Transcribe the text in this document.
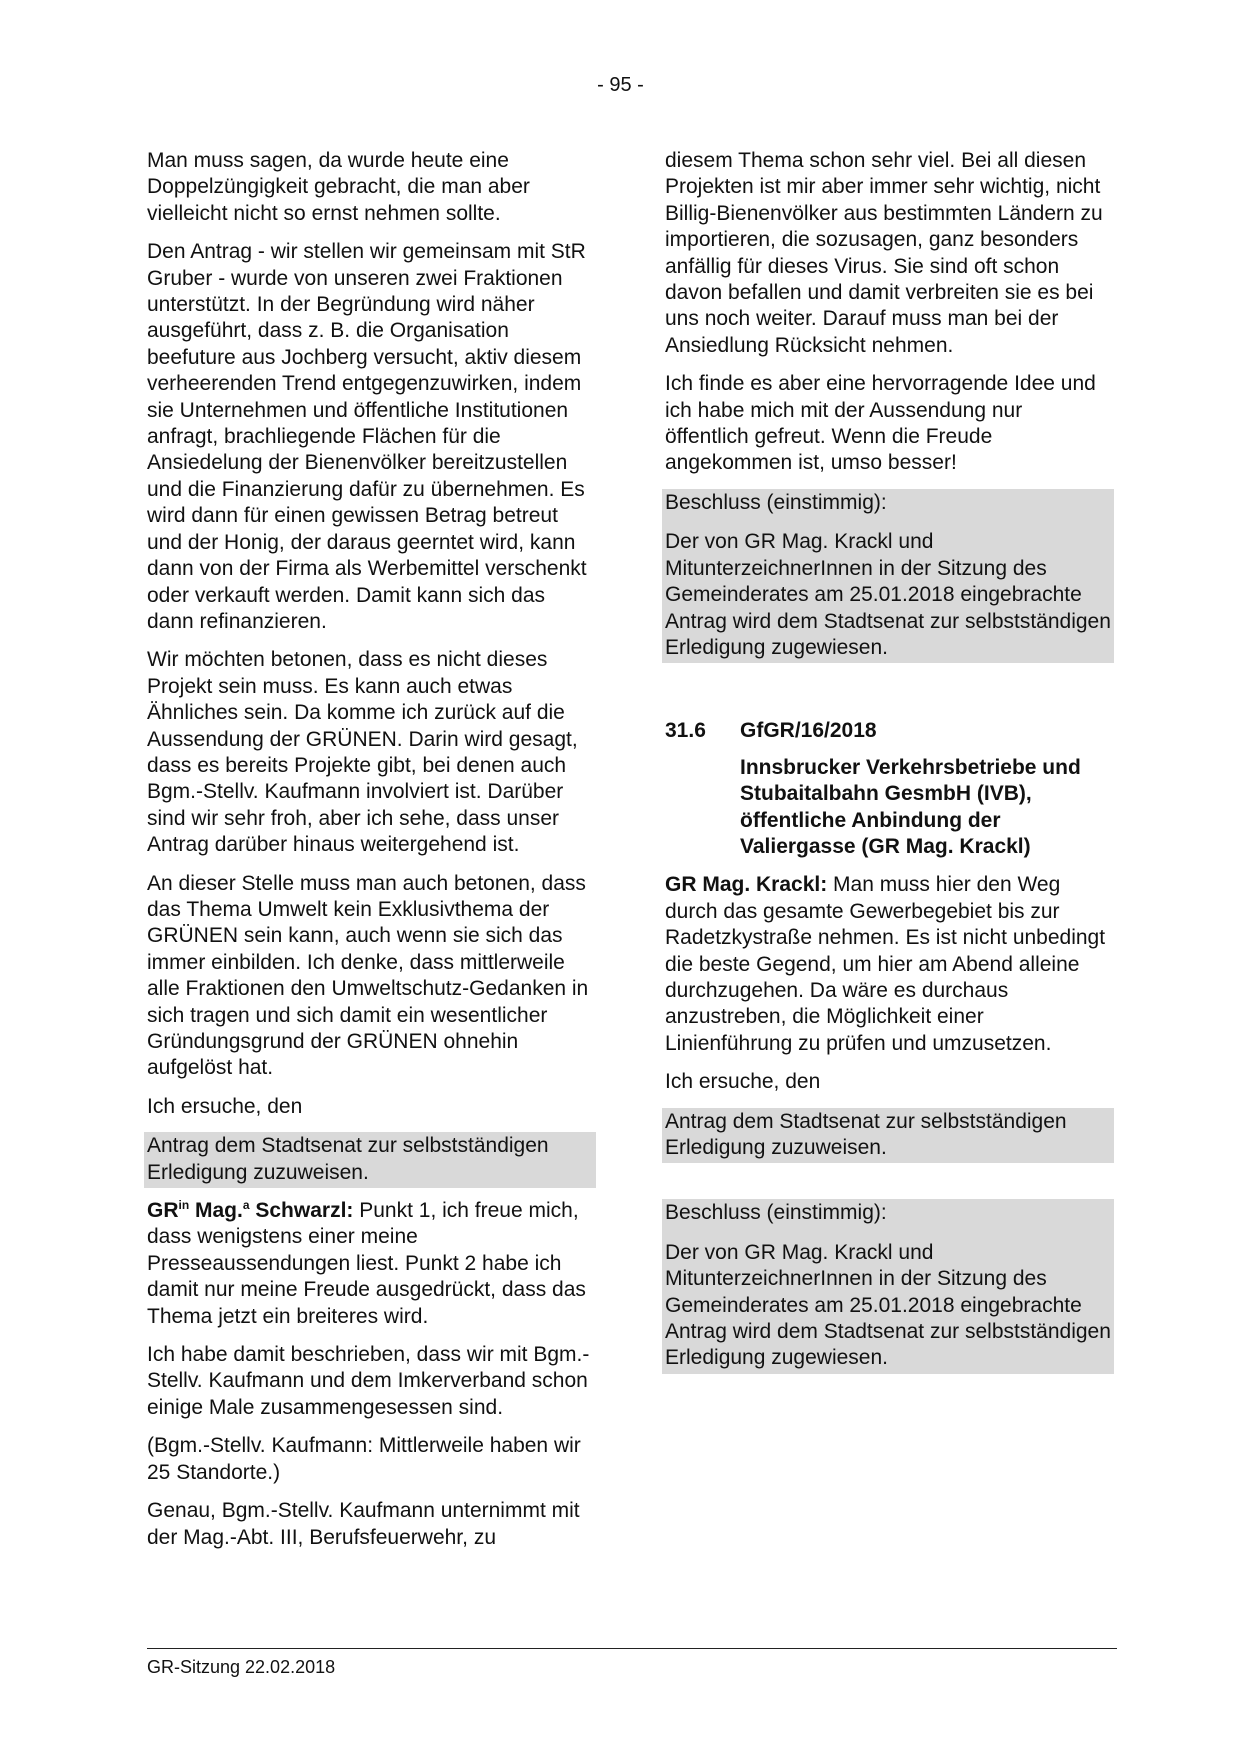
- 95 -

Man muss sagen, da wurde heute eine Doppelzüngigkeit gebracht, die man aber vielleicht nicht so ernst nehmen sollte.

Den Antrag - wir stellen wir gemeinsam mit StR Gruber - wurde von unseren zwei Fraktionen unterstützt. In der Begründung wird näher ausgeführt, dass z. B. die Organisation beefuture aus Jochberg versucht, aktiv diesem verheerenden Trend entgegenzuwirken, indem sie Unternehmen und öffentliche Institutionen anfragt, brachliegende Flächen für die Ansiedelung der Bienenvölker bereitzustellen und die Finanzierung dafür zu übernehmen. Es wird dann für einen gewissen Betrag betreut und der Honig, der daraus geerntet wird, kann dann von der Firma als Werbemittel verschenkt oder verkauft werden. Damit kann sich das dann refinanzieren.

Wir möchten betonen, dass es nicht dieses Projekt sein muss. Es kann auch etwas Ähnliches sein. Da komme ich zurück auf die Aussendung der GRÜNEN. Darin wird gesagt, dass es bereits Projekte gibt, bei denen auch Bgm.-Stellv. Kaufmann involviert ist. Darüber sind wir sehr froh, aber ich sehe, dass unser Antrag darüber hinaus weitergehend ist.

An dieser Stelle muss man auch betonen, dass das Thema Umwelt kein Exklusivthema der GRÜNEN sein kann, auch wenn sie sich das immer einbilden. Ich denke, dass mittlerweile alle Fraktionen den Umweltschutz-Gedanken in sich tragen und sich damit ein wesentlicher Gründungsgrund der GRÜNEN ohnehin aufgelöst hat.

Ich ersuche, den

Antrag dem Stadtsenat zur selbstständigen Erledigung zuzuweisen.

$GR^{in}$ Mag.$^a$ Schwarzl: Punkt 1, ich freue mich, dass wenigstens einer meine Presseaussendungen liest. Punkt 2 habe ich damit nur meine Freude ausgedrückt, dass das Thema jetzt ein breiteres wird.

Ich habe damit beschrieben, dass wir mit Bgm.-Stellv. Kaufmann und dem Imkerverband schon einige Male zusammengesessen sind.

(Bgm.-Stellv. Kaufmann: Mittlerweile haben wir 25 Standorte.)

Genau, Bgm.-Stellv. Kaufmann unternimmt mit der Mag.-Abt. III, Berufsfeuerwehr, zu

diesem Thema schon sehr viel. Bei all diesen Projekten ist mir aber immer sehr wichtig, nicht Billig-Bienenvölker aus bestimmten Ländern zu importieren, die sozusagen, ganz besonders anfällig für dieses Virus. Sie sind oft schon davon befallen und damit verbreiten sie es bei uns noch weiter. Darauf muss man bei der Ansiedlung Rücksicht nehmen.

Ich finde es aber eine hervorragende Idee und ich habe mich mit der Aussendung nur öffentlich gefreut. Wenn die Freude angekommen ist, umso besser!

Beschluss (einstimmig):

Der von GR Mag. Krackl und MitunterzeichnerInnen in der Sitzung des Gemeinderates am 25.01.2018 eingebrachte Antrag wird dem Stadtsenat zur selbstständigen Erledigung zugewiesen.

31.6	GfGR/16/2018
Innsbrucker Verkehrsbetriebe und Stubaitalbahn GesmbH (IVB), öffentliche Anbindung der Valiergasse (GR Mag. Krackl)

GR Mag. Krackl: Man muss hier den Weg durch das gesamte Gewerbegebiet bis zur Radetzkystraße nehmen. Es ist nicht unbedingt die beste Gegend, um hier am Abend alleine durchzugehen. Da wäre es durchaus anzustreben, die Möglichkeit einer Linienführung zu prüfen und umzusetzen.

Ich ersuche, den

Antrag dem Stadtsenat zur selbstständigen Erledigung zuzuweisen.

Beschluss (einstimmig):

Der von GR Mag. Krackl und MitunterzeichnerInnen in der Sitzung des Gemeinderates am 25.01.2018 eingebrachte Antrag wird dem Stadtsenat zur selbstständigen Erledigung zugewiesen.

GR-Sitzung 22.02.2018
